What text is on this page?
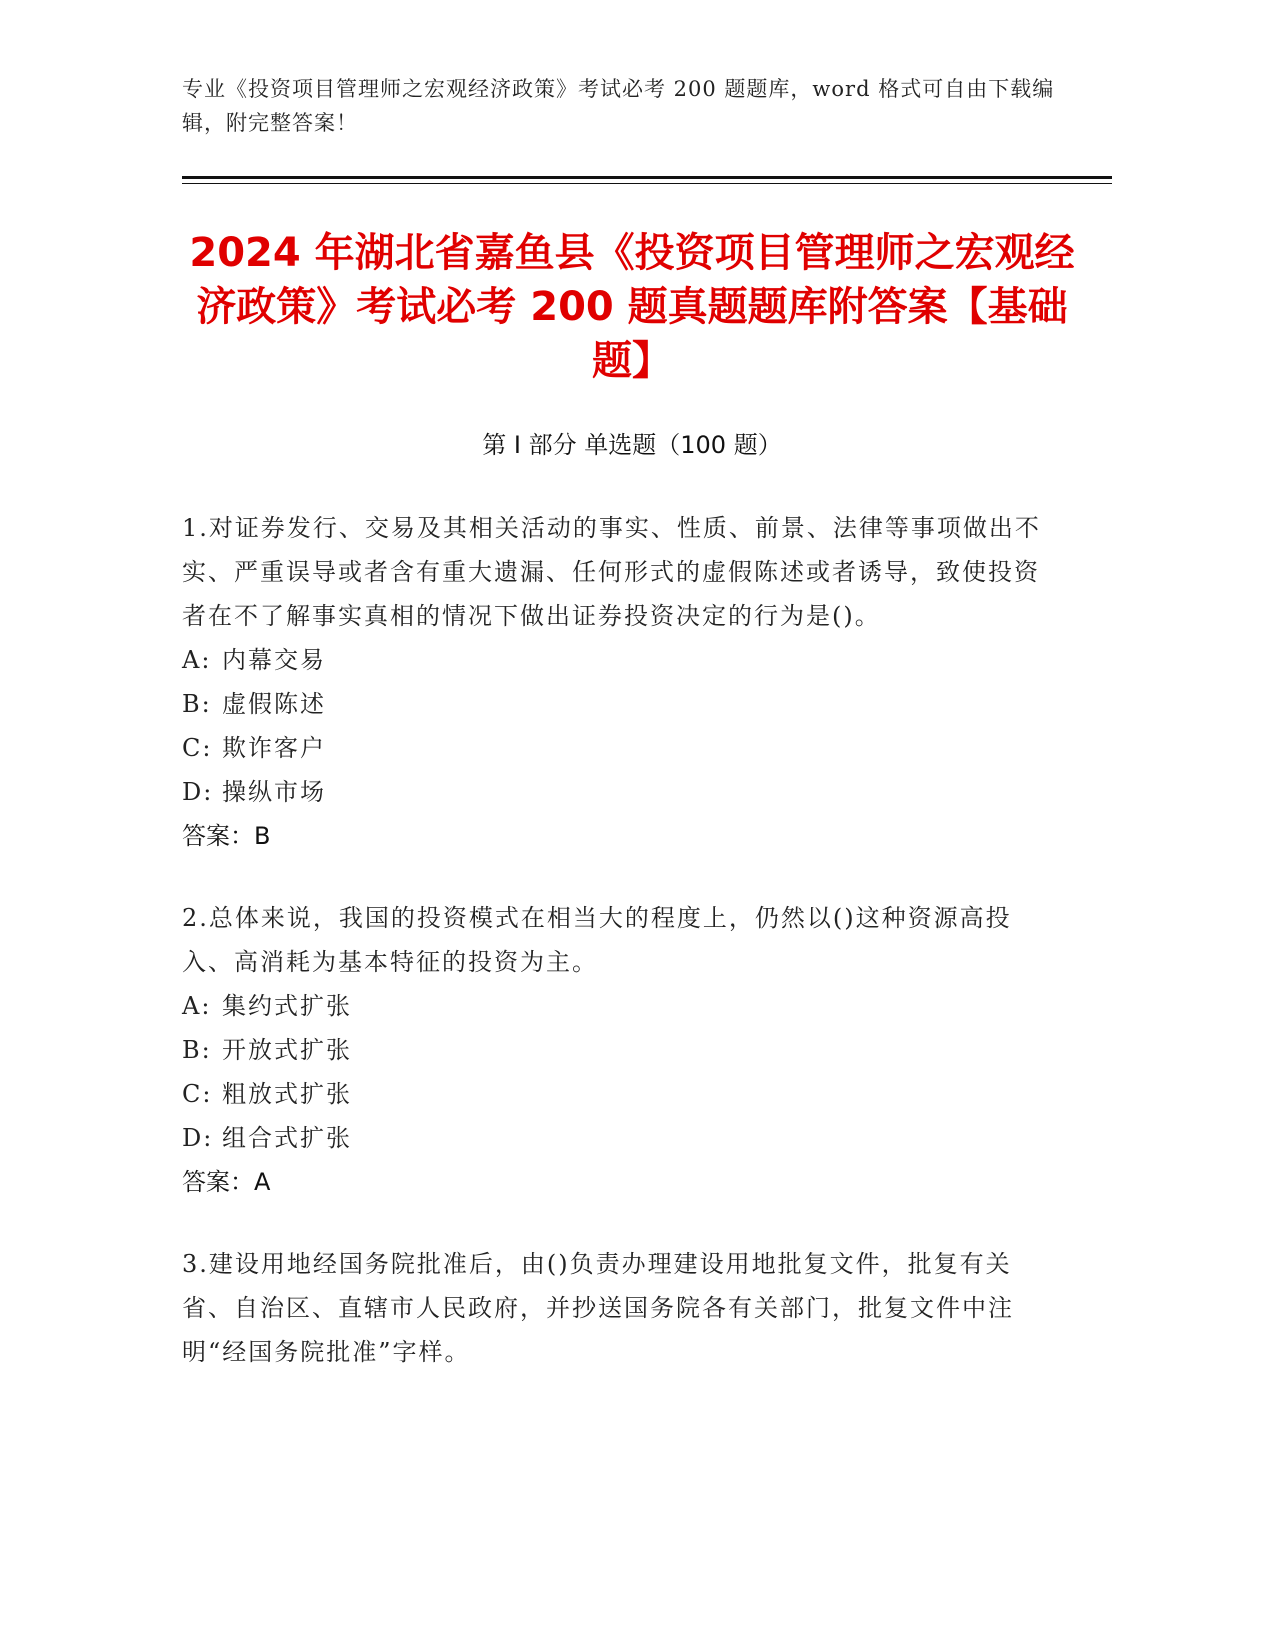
专业《投资项目管理师之宏观经济政策》考试必考 200 题题库，word 格式可自由下载编辑，附完整答案！
2024 年湖北省嘉鱼县《投资项目管理师之宏观经济政策》考试必考 200 题真题题库附答案【基础题】
第 I 部分 单选题（100 题）
1.对证券发行、交易及其相关活动的事实、性质、前景、法律等事项做出不实、严重误导或者含有重大遗漏、任何形式的虚假陈述或者诱导，致使投资者在不了解事实真相的情况下做出证券投资决定的行为是()。
A: 内幕交易
B: 虚假陈述
C: 欺诈客户
D: 操纵市场
答案：B
2.总体来说，我国的投资模式在相当大的程度上，仍然以()这种资源高投入、高消耗为基本特征的投资为主。
A: 集约式扩张
B: 开放式扩张
C: 粗放式扩张
D: 组合式扩张
答案：A
3.建设用地经国务院批准后，由()负责办理建设用地批复文件，批复有关省、自治区、直辖市人民政府，并抄送国务院各有关部门，批复文件中注明“经国务院批准”字样。
